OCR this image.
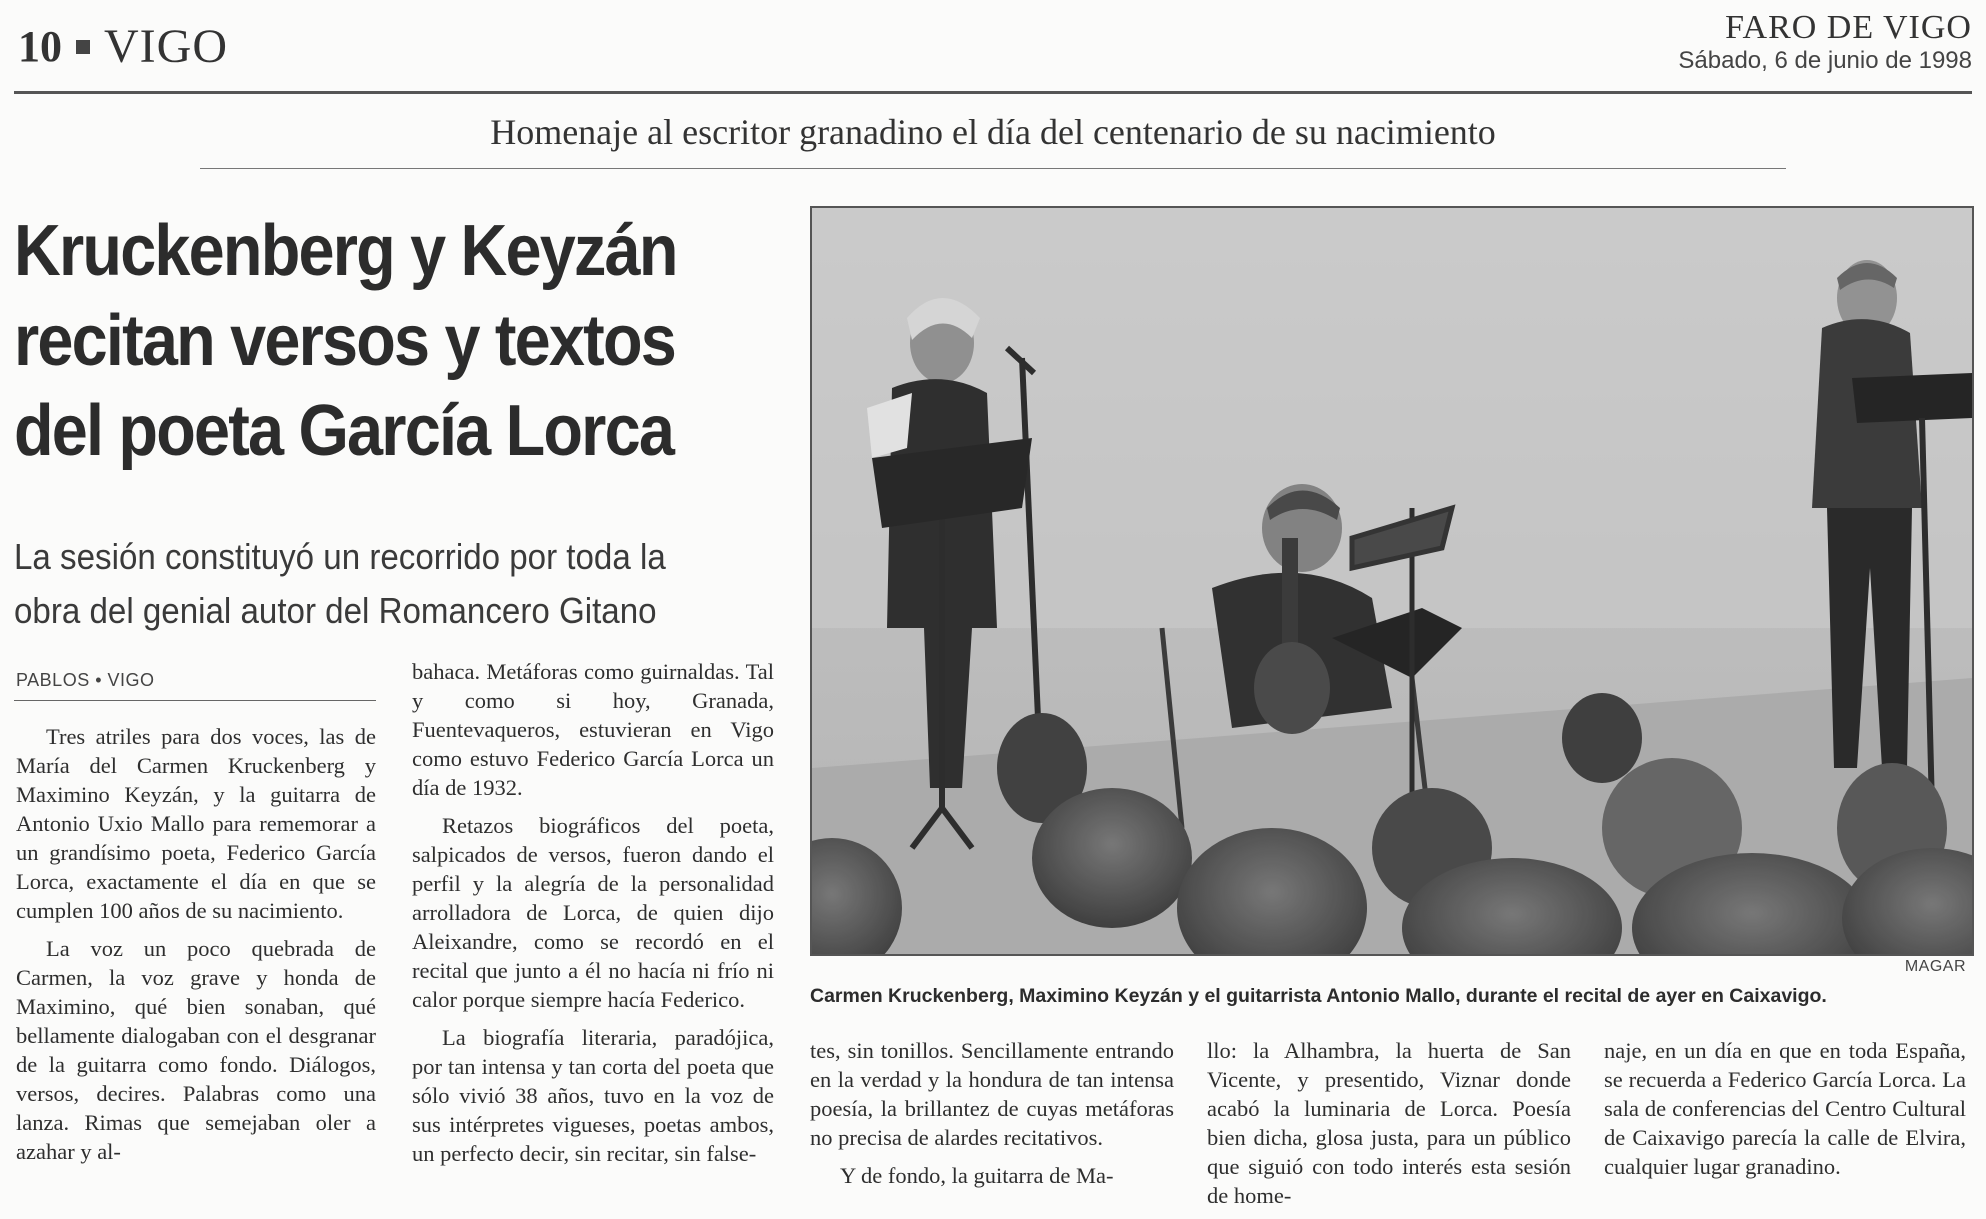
10 VIGO	FARO DE VIGO
Sábado, 6 de junio de 1998
Homenaje al escritor granadino el día del centenario de su nacimiento
Kruckenberg y Keyzán
recitan versos y textos
del poeta García Lorca
La sesión constituyó un recorrido por toda la
obra del genial autor del Romancero Gitano
PABLOS • VIGO

Tres atriles para dos voces, las de María del Carmen Kruckenberg y Maximino Keyzán, y la guitarra de Antonio Uxio Mallo para rememorar a un grandísimo poeta, Federico García Lorca, exactamente el día en que se cumplen 100 años de su nacimiento.

La voz un poco quebrada de Carmen, la voz grave y honda de Maximino, qué bien sonaban, qué bellamente dialogaban con el desgranar de la guitarra como fondo. Diálogos, versos, decires. Palabras como una lanza. Rimas que semejaban oler a azahar y al-

bahaca. Metáforas como guirnaldas. Tal y como si hoy, Granada, Fuentevaqueros, estuvieran en Vigo como estuvo Federico García Lorca un día de 1932.

Retazos biográficos del poeta, salpicados de versos, fueron dando el perfil y la alegría de la personalidad arrolladora de Lorca, de quien dijo Aleixandre, como se recordó en el recital que junto a él no hacía ni frío ni calor porque siempre hacía Federico.

La biografía literaria, paradójica, por tan intensa y tan corta del poeta que sólo vivió 38 años, tuvo en la voz de sus intérpretes vigueses, poetas ambos, un perfecto decir, sin recitar, sin false-

tes, sin tonillos. Sencillamente entrando en la verdad y la hondura de tan intensa poesía, la brillantez de cuyas metáforas no precisa de alardes recitativos.

Y de fondo, la guitarra de Ma-

llo: la Alhambra, la huerta de San Vicente, y presentido, Viznar donde acabó la luminaria de Lorca. Poesía bien dicha, glosa justa, para un público que siguió con todo interés esta sesión de home-

naje, en un día en que en toda España, se recuerda a Federico García Lorca. La sala de conferencias del Centro Cultural de Caixavigo parecía la calle de Elvira, cualquier lugar granadino.

MAGAR
Carmen Kruckenberg, Maximino Keyzán y el guitarrista Antonio Mallo, durante el recital de ayer en Caixavigo.
